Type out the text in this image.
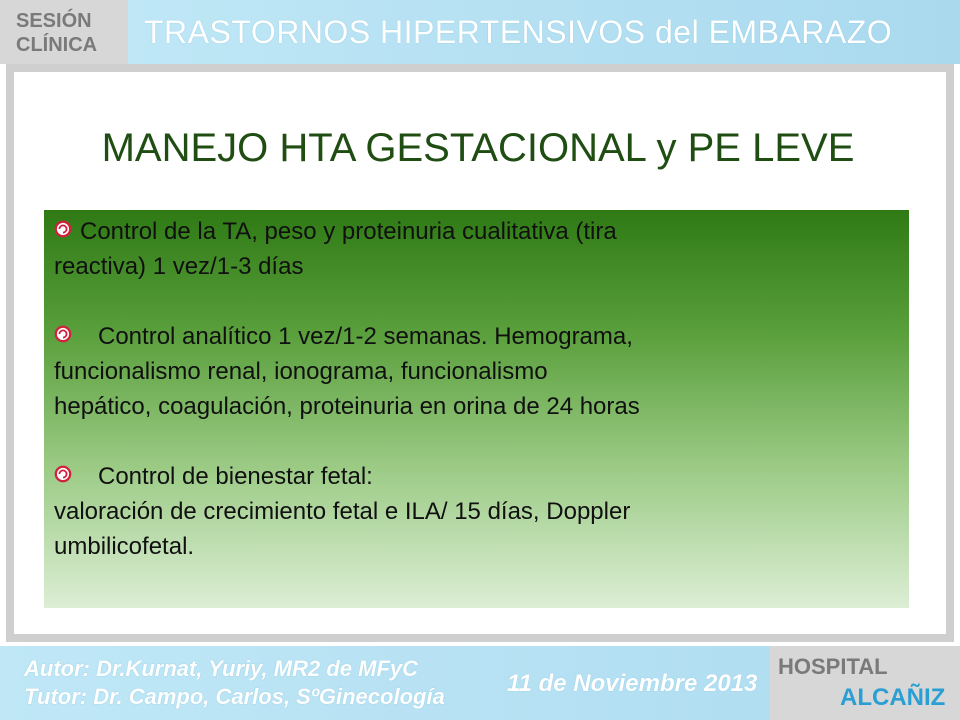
SESIÓN
CLÍNICA	TRASTORNOS HIPERTENSIVOS del EMBARAZO
MANEJO HTA GESTACIONAL y PE LEVE
Control de la TA, peso y proteinuria cualitativa (tira
reactiva) 1 vez/1-3 días
Control analítico 1 vez/1-2 semanas. Hemograma,
funcionalismo renal, ionograma, funcionalismo
hepático, coagulación, proteinuria en orina de 24 horas
Control de bienestar fetal:
valoración de crecimiento fetal e ILA/ 15 días, Doppler
umbilicofetal.
Autor: Dr.Kurnat, Yuriy, MR2 de MFyC
Tutor: Dr. Campo, Carlos, SºGinecología	11 de Noviembre 2013
HOSPITAL
ALCAÑIZ
